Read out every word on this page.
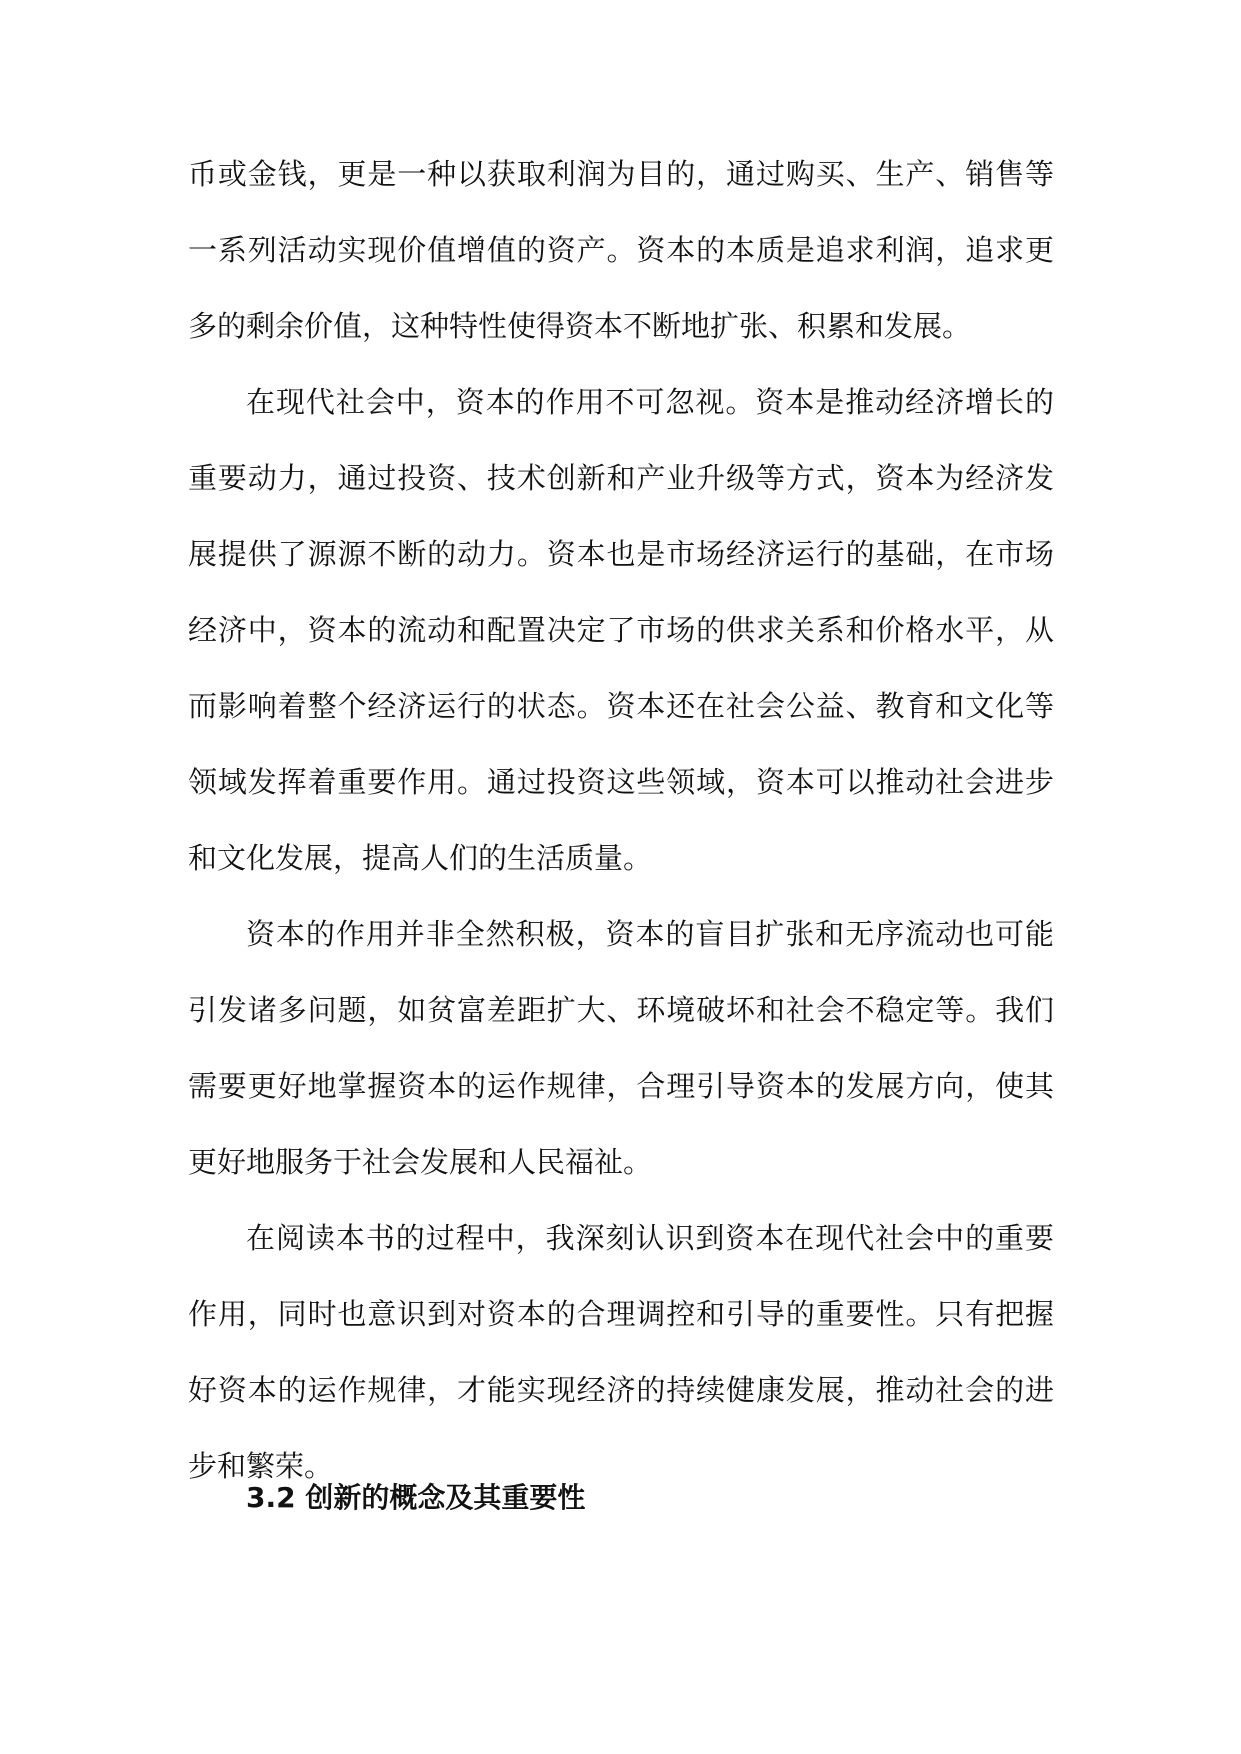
币或金钱，更是一种以获取利润为目的，通过购买、生产、销售等一系列活动实现价值增值的资产。资本的本质是追求利润，追求更多的剩余价值，这种特性使得资本不断地扩张、积累和发展。

在现代社会中，资本的作用不可忽视。资本是推动经济增长的重要动力，通过投资、技术创新和产业升级等方式，资本为经济发展提供了源源不断的动力。资本也是市场经济运行的基础，在市场经济中，资本的流动和配置决定了市场的供求关系和价格水平，从而影响着整个经济运行的状态。资本还在社会公益、教育和文化等领域发挥着重要作用。通过投资这些领域，资本可以推动社会进步和文化发展，提高人们的生活质量。

资本的作用并非全然积极，资本的盲目扩张和无序流动也可能引发诸多问题，如贫富差距扩大、环境破坏和社会不稳定等。我们需要更好地掌握资本的运作规律，合理引导资本的发展方向，使其更好地服务于社会发展和人民福祉。

在阅读本书的过程中，我深刻认识到资本在现代社会中的重要作用，同时也意识到对资本的合理调控和引导的重要性。只有把握好资本的运作规律，才能实现经济的持续健康发展，推动社会的进步和繁荣。

3.2 创新的概念及其重要性
